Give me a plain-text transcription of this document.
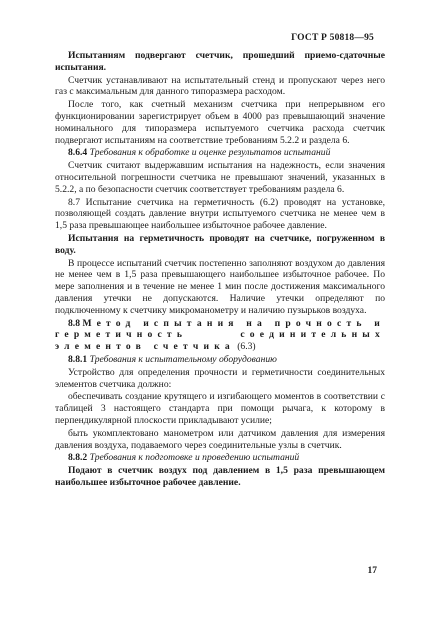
ГОСТ Р 50818—95

Испытаниям подвергают счетчик, прошедший приемо-сдаточные испытания.

Счетчик устанавливают на испытательный стенд и пропускают через него газ с максимальным для данного типоразмера расходом.

После того, как счетный механизм счетчика при непрерывном его функционировании зарегистрирует объем в 4000 раз превышающий значение номинального для типоразмера испытуемого счетчика расхода счетчик подвергают испытаниям на соответствие требованиям 5.2.2 и раздела 6.

8.6.4 Требования к обработке и оценке результатов испытаний

Счетчик считают выдержавшим испытания на надежность, если значения относительной погрешности счетчика не превышают значений, указанных в 5.2.2, а по безопасности счетчик соответствует требованиям раздела 6.

8.7 Испытание счетчика на герметичность (6.2) проводят на установке, позволяющей создать давление внутри испытуемого счетчика не менее чем в 1,5 раза превышающее наибольшее избыточное рабочее давление.

Испытания на герметичность проводят на счетчике, погруженном в воду.

В процессе испытаний счетчик постепенно заполняют воздухом до давления не менее чем в 1,5 раза превышающего наибольшее избыточное рабочее. По мере заполнения и в течение не менее 1 мин после достижения максимального давления утечки не допускаются. Наличие утечки определяют по подключенному к счетчику микроманометру и наличию пузырьков воздуха.

8.8 Метод испытания на прочность и герметичность соединительных элементов счетчика (6.3)

8.8.1 Требования к испытательному оборудованию

Устройство для определения прочности и герметичности соединительных элементов счетчика должно:

обеспечивать создание крутящего и изгибающего моментов в соответствии с таблицей 3 настоящего стандарта при помощи рычага, к которому в перпендикулярной плоскости прикладывают усилие;

быть укомплектовано манометром или датчиком давления для измерения давления воздуха, подаваемого через соединительные узлы в счетчик.

8.8.2 Требования к подготовке и проведению испытаний

Подают в счетчик воздух под давлением в 1,5 раза превышающем наибольшее избыточное рабочее давление.

17
